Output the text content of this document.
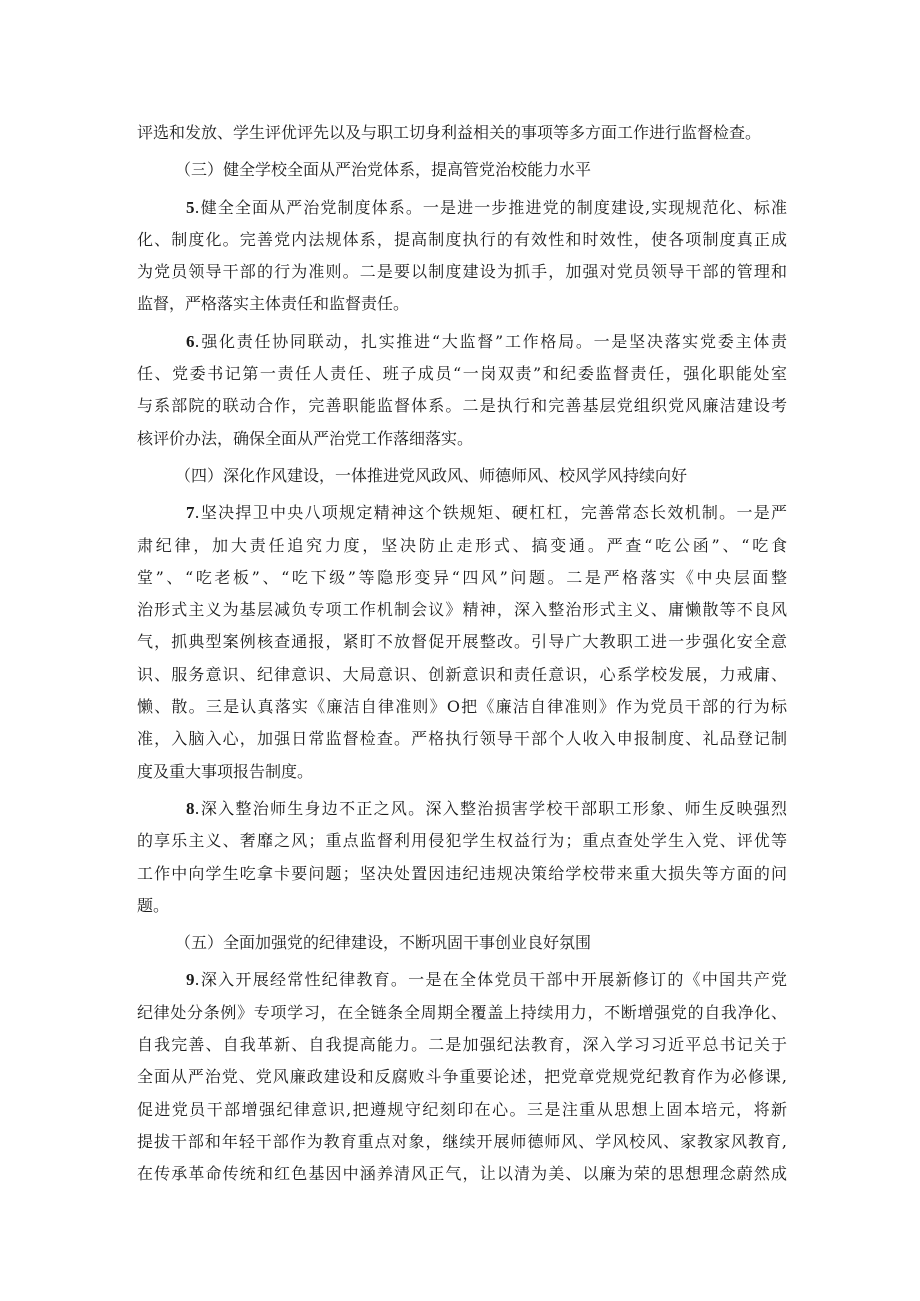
评选和发放、学生评优评先以及与职工切身利益相关的事项等多方面工作进行监督检查。
（三）健全学校全面从严治党体系，提高管党治校能力水平
5.健全全面从严治党制度体系。一是进一步推进党的制度建设,实现规范化、标准
化、制度化。完善党内法规体系，提高制度执行的有效性和时效性，使各项制度真正成
为党员领导干部的行为准则。二是要以制度建设为抓手，加强对党员领导干部的管理和
监督，严格落实主体责任和监督责任。
6.强化责任协同联动，扎实推进“大监督”工作格局。一是坚决落实党委主体责
任、党委书记第一责任人责任、班子成员“一岗双责”和纪委监督责任，强化职能处室
与系部院的联动合作，完善职能监督体系。二是执行和完善基层党组织党风廉洁建设考
核评价办法，确保全面从严治党工作落细落实。
（四）深化作风建设，一体推进党风政风、师德师风、校风学风持续向好
7.坚决捍卫中央八项规定精神这个铁规矩、硬杠杠，完善常态长效机制。一是严
肃纪律，加大责任追究力度，坚决防止走形式、搞变通。严查“吃公函”、“吃食
堂”、“吃老板”、“吃下级”等隐形变异“四风”问题。二是严格落实《中央层面整
治形式主义为基层减负专项工作机制会议》精神，深入整治形式主义、庸懒散等不良风
气，抓典型案例核查通报，紧盯不放督促开展整改。引导广大教职工进一步强化安全意
识、服务意识、纪律意识、大局意识、创新意识和责任意识，心系学校发展，力戒庸、
懒、散。三是认真落实《廉洁自律准则》O把《廉洁自律准则》作为党员干部的行为标
准，入脑入心，加强日常监督检查。严格执行领导干部个人收入申报制度、礼品登记制
度及重大事项报告制度。
8.深入整治师生身边不正之风。深入整治损害学校干部职工形象、师生反映强烈
的享乐主义、奢靡之风；重点监督利用侵犯学生权益行为；重点查处学生入党、评优等
工作中向学生吃拿卡要问题；坚决处置因违纪违规决策给学校带来重大损失等方面的问
题。
（五）全面加强党的纪律建设，不断巩固干事创业良好氛围
9.深入开展经常性纪律教育。一是在全体党员干部中开展新修订的《中国共产党
纪律处分条例》专项学习，在全链条全周期全覆盖上持续用力，不断增强党的自我净化、
自我完善、自我革新、自我提高能力。二是加强纪法教育，深入学习习近平总书记关于
全面从严治党、党风廉政建设和反腐败斗争重要论述，把党章党规党纪教育作为必修课,
促进党员干部增强纪律意识,把遵规守纪刻印在心。三是注重从思想上固本培元，将新
提拔干部和年轻干部作为教育重点对象，继续开展师德师风、学风校风、家教家风教育,
在传承革命传统和红色基因中涵养清风正气，让以清为美、以廉为荣的思想理念蔚然成
